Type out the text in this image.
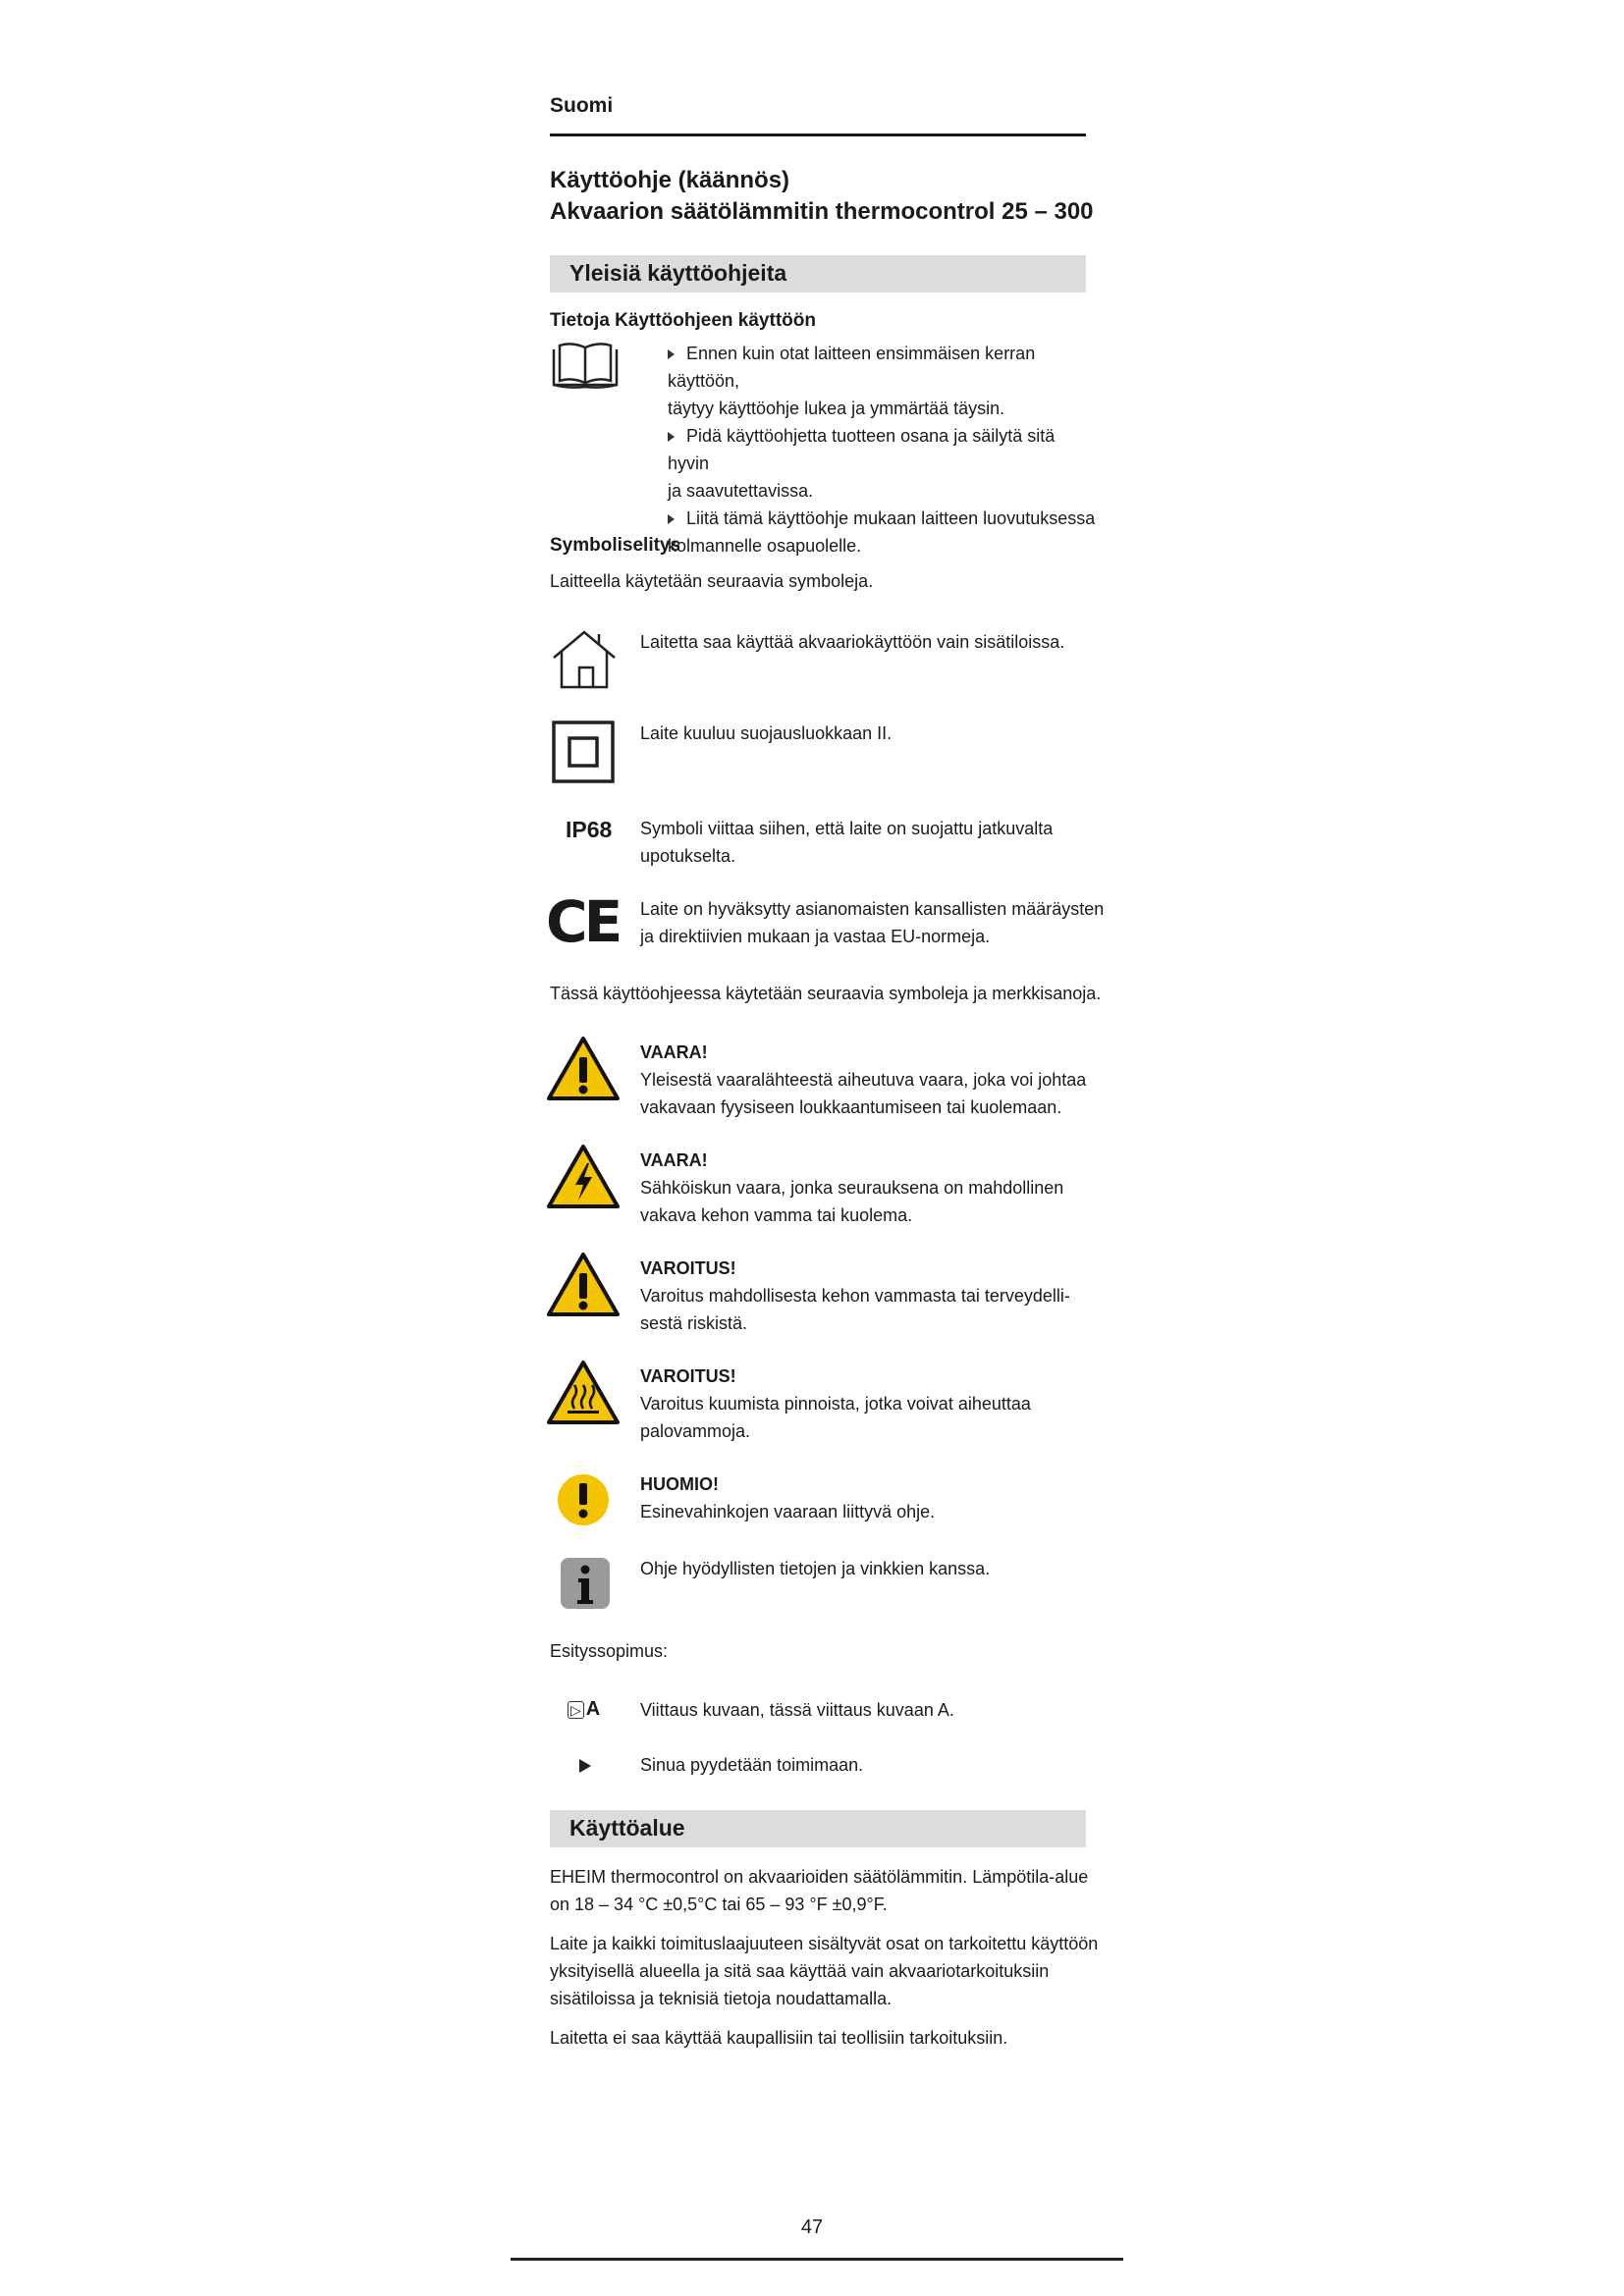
Suomi
Käyttöohje (käännös)
Akvaarion säätölämmitin thermocontrol 25 – 300
Yleisiä käyttöohjeita
Tietoja Käyttöohjeen käyttöön
Ennen kuin otat laitteen ensimmäisen kerran käyttöön,
täytyy käyttöohje lukea ja ymmärtää täysin.
Pidä käyttöohjetta tuotteen osana ja säilytä sitä hyvin
ja saavutettavissa.
Liitä tämä käyttöohje mukaan laitteen luovutuksessa
kolmannelle osapuolelle.
Symboliselitys
Laitteella käytetään seuraavia symboleja.
Laitetta saa käyttää akvaariokäyttöön vain sisätiloissa.
Laite kuuluu suojausluokkaan II.
IP68 Symboli viittaa siihen, että laite on suojattu jatkuvalta
upotukselta.
CE Laite on hyväksytty asianomaisten kansallisten määräysten
ja direktiivien mukaan ja vastaa EU-normeja.
Tässä käyttöohjeessa käytetään seuraavia symboleja ja merkkisanoja.
VAARA!
Yleisestä vaaralähteestä aiheutuva vaara, joka voi johtaa
vakavaan fyysiseen loukkaantumiseen tai kuolemaan.
VAARA!
Sähköiskun vaara, jonka seurauksena on mahdollinen
vakava kehon vamma tai kuolema.
VAROITUS!
Varoitus mahdollisesta kehon vammasta tai terveydelli-
sestä riskistä.
VAROITUS!
Varoitus kuumista pinnoista, jotka voivat aiheuttaa
palovammoja.
HUOMIO!
Esinevahinkojen vaaraan liittyvä ohje.
Ohje hyödyllisten tietojen ja vinkkien kanssa.
Esityssopimus:
▷ A Viittaus kuvaan, tässä viittaus kuvaan A.
Sinua pyydetään toimimaan.
Käyttöalue
EHEIM thermocontrol on akvaarioiden säätölämmitin. Lämpötila-alue
on 18 – 34 °C ±0,5°C tai 65 – 93 °F ±0,9°F.
Laite ja kaikki toimituslaajuuteen sisältyvät osat on tarkoitettu käyttöön
yksityisellä alueella ja sitä saa käyttää vain akvaariotarkoituksiin
sisätiloissa ja teknisiä tietoja noudattamalla.
Laitetta ei saa käyttää kaupallisiin tai teollisiin tarkoituksiin.
47
